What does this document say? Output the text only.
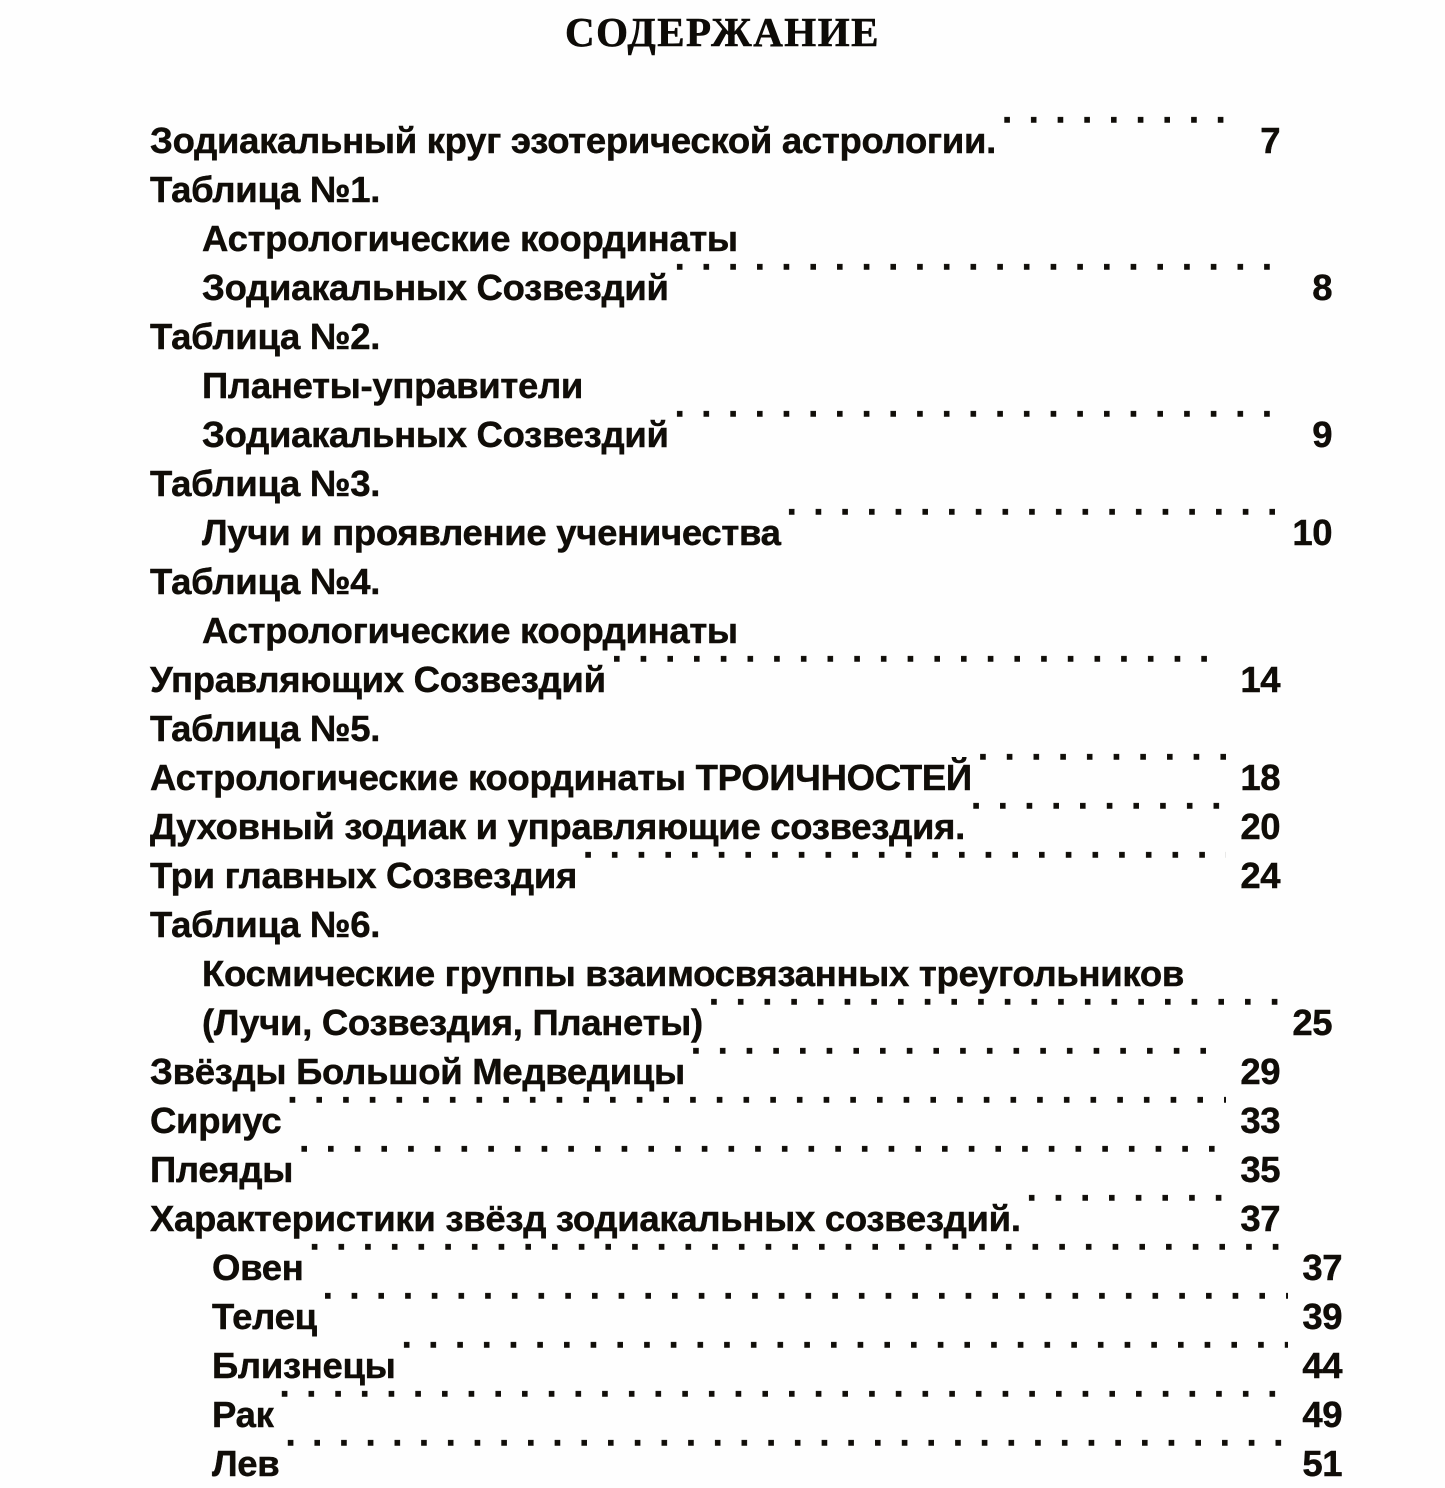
СОДЕРЖАНИЕ
Зодиакальный круг эзотерической астрологии. · · ·	7
Таблица №1.
Астрологические координаты
Зодиакальных Созвездий · · ·	8
Таблица №2.
Планеты-управители
Зодиакальных Созвездий · · ·	9
Таблица №3.
Лучи и проявление ученичества · · ·	10
Таблица №4.
Астрологические координаты
Управляющих Созвездий · · ·	14
Таблица №5.
Астрологические координаты ТРОИЧНОСТЕЙ · · ·	18
Духовный зодиак и управляющие созвездия. · · ·	20
Три главных Созвездия · · ·	24
Таблица №6.
Космические группы взаимосвязанных треугольников
(Лучи, Созвездия, Планеты) · · ·	25
Звёзды Большой Медведицы · · ·	29
Сириус · · ·	33
Плеяды · · ·	35
Характеристики звёзд зодиакальных созвездий. · · ·	37
Овен · · ·	37
Телец · · ·	39
Близнецы · · ·	44
Рак · · ·	49
Лев · · ·	51
